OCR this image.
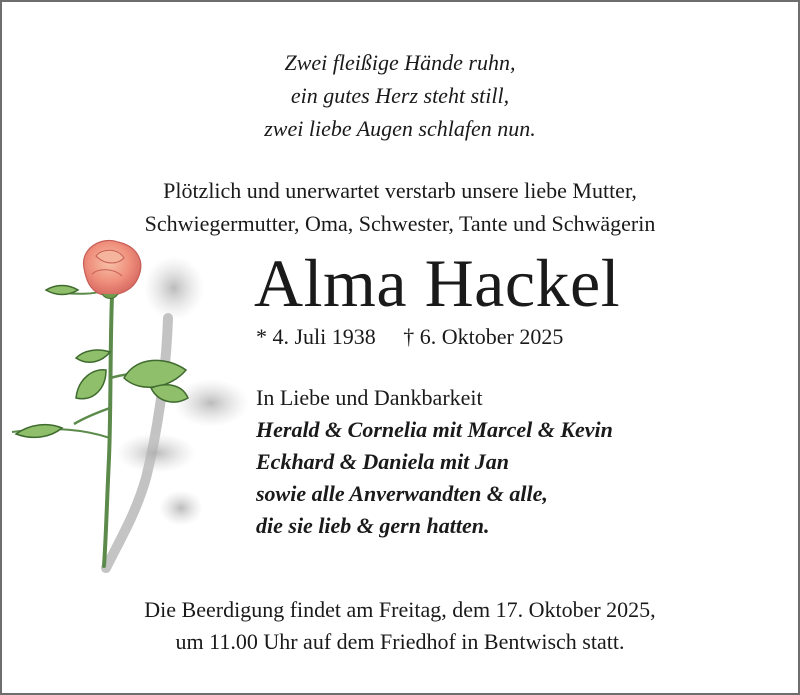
Zwei fleißige Hände ruhn,
ein gutes Herz steht still,
zwei liebe Augen schlafen nun.
Plötzlich und unerwartet verstarb unsere liebe Mutter,
Schwiegermutter, Oma, Schwester, Tante und Schwägerin
Alma Hackel
* 4. Juli 1938 † 6. Oktober 2025
In Liebe und Dankbarkeit
Herald & Cornelia mit Marcel & Kevin
Eckhard & Daniela mit Jan
sowie alle Anverwandten & alle,
die sie lieb & gern hatten.
Die Beerdigung findet am Freitag, dem 17. Oktober 2025,
um 11.00 Uhr auf dem Friedhof in Bentwisch statt.
